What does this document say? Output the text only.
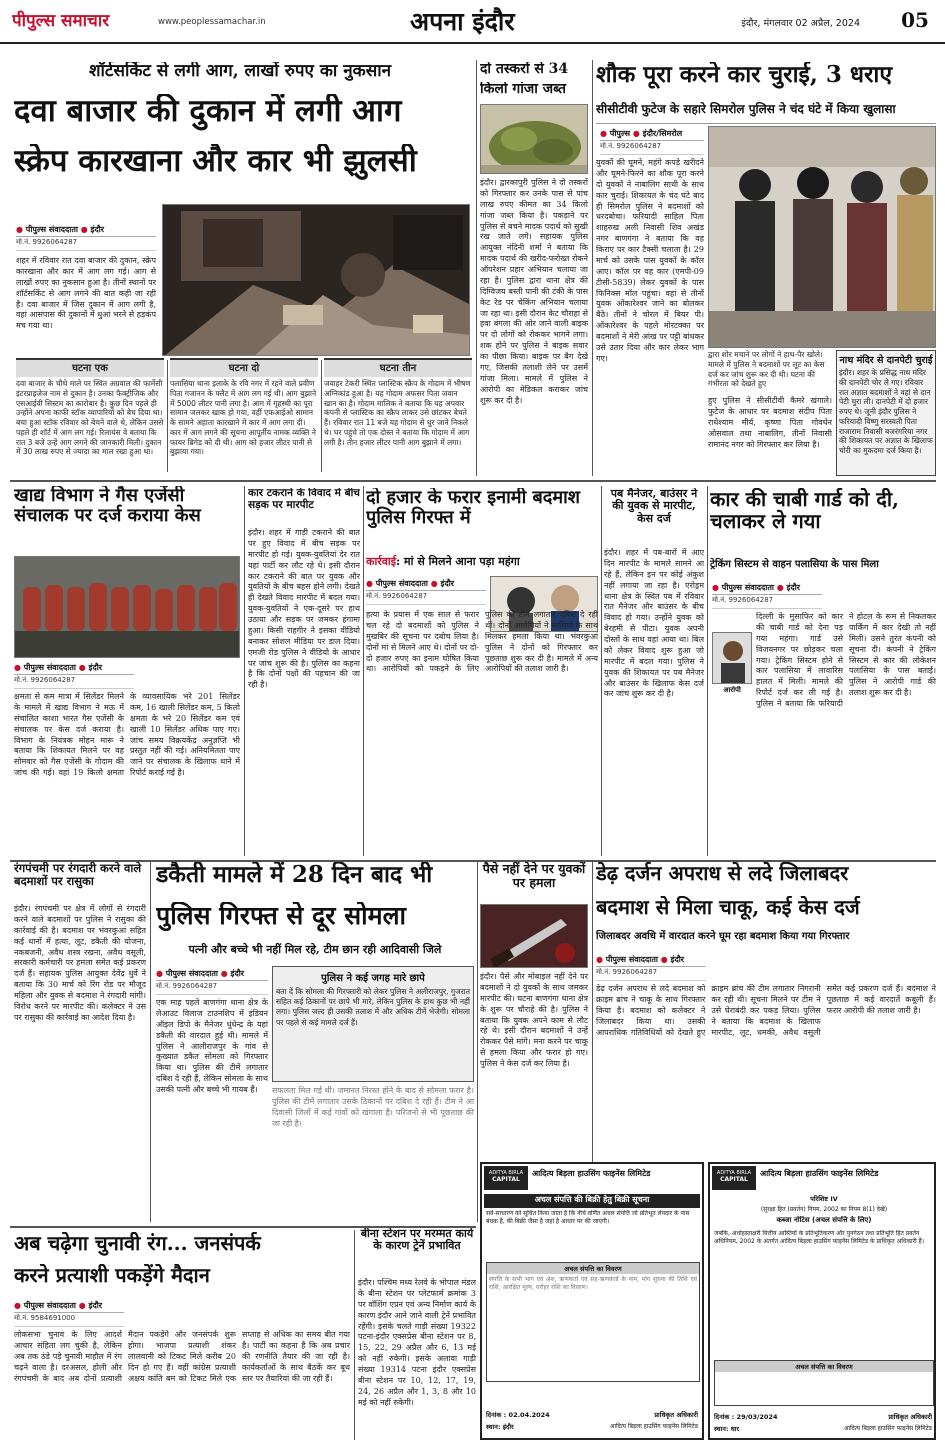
पीपुल्स समाचार	www.peoplessamachar.in	अपना इंदौर	इंदौर, मंगलवार 02 अप्रैल, 2024	05
शॉर्टसर्किट से लगी आग, लाखों रुपए का नुकसान
दवा बाजार की दुकान में लगी आग
स्क्रेप कारखाना और कार भी झुलसी
● पीपुल्स संवाददाता ● इंदौर
मो.नं. 9926064287
शहर में रविवार रात दवा बाजार की दुकान, स्क्रेप कारखाना और कार में आग लग गई। आग से लाखों रुपए का नुकसान हुआ है। तीनों स्थानों पर शॉर्टसर्किट से आग लगने की बात कही जा रही है। दवा बाजार में जिस दुकान में आग लगी है, वहां आसपास की दुकानों में धुआं भरने से हड़कंप मच गया था।
घटना एक
दवा बाजार के चौथे माले पर स्थित अग्रवाल की फार्मेसी इंटरप्राइजेज नाम से दुकान है। उनका फैक्ट्रीजिक और एसआईवी सिस्टम का कारोबार है। कुछ दिन पहले ही उन्होंने अपना काफी स्टॉक व्यापारियों को बेच दिया था। बचा हुआ स्टॉक रविवार को बेचने वाले थे, लेकिन उससे पहले ही शॉर्ट में आग लग गई। रिलायंस वे बताया कि रात 3 बजे उन्हें आग लगने की जानकारी मिली। दुकान में 30 लाख रुपए से ज्यादा का माल रखा हुआ था।
घटना दो
पलासिया थाना इलाके के रवि नगर में रहने वाले प्रवीण पिता गजानन के फ्लैट में आग लग गई थी। आग बुझाने में 5000 लीटर पानी लगा है। आग में गृहस्थी का पूरा सामान जलकर खाक हो गया, वहीं एफआईओ सामान के सामने अहाता कारखाने में कार में आग लगा दी। कार में आग लगने की सूचना आपूर्तीय नामक व्यक्ति ने फायर ब्रिगेड को दी थी। आग को हजार लीटर पानी से बुझाया गया।
घटना तीन
जवाहर टेकरी स्थित प्लास्टिक स्क्रैप के गोदाम में भीषण अग्निकांड हुआ है। यह गोदाम अफसर पिता जवान खान का है। गोदाम मालिक ने बताया कि यह अपवार कंपनी से प्लास्टिक का स्क्रैप लाकर उसे छांटकर बेचते हैं। रविवार रात 11 बजे यह गोदाम से धुर जाने निकले थे। घर पहुंचे तो एक दोस्त ने बताया कि गोदाम में आग लगी है। तीन हजार लीटर पानी आग बुझाने में लगा।
दो तस्करों से 34
किलो गांजा जब्त
इंदौर। द्वारकापुरी पुलिस ने दो तस्करों को गिरफ्तार कर उनके पास से पांच लाख रुपए कीमत का 34 किलो गांजा जब्त किया है। पकड़ाने पर पुलिस से बचने मादक पदार्थ को सुखी रख जाते लगे। सहायक पुलिस आयुक्त नंदिनी शर्मा ने बताया कि मादक पदार्थ की खरीद-फरोख्त रोकने ऑपरेशन प्रहार अभियान चलाया जा रहा है। पुलिस द्वारा थाना क्षेत्र की दिग्विजय बस्ती पानी की टंकी के पास केट रेड पर चेकिंग अभियान चलाया जा रहा था। इसी दौरान केट चौराहा से हवा बंगला की ओर जाने वाली बाइक पर दो लोगों को रोककर भागने लगा। शक होने पर पुलिस ने बाइक सवार का पीछा किया। बाइक पर बैग देखे गए, जिसकी तलाशी लेने पर उसमें गांजा मिला। मामले में पुलिस ने आरोपी का मेडिकल कराकर जांच शुरू कर दी है।
शौक पूरा करने कार चुराई, 3 धराए
सीसीटीवी फुटेज के सहारे सिमरोल पुलिस ने चंद घंटे में किया खुलासा
● पीपुल्स ● इंदौर/सिमरोल
मो.नं. 9926064287
युवकों की घूमने, महंगे कपड़े खरीदने और घूमने-फिरने का शौक पूरा करने दो युवकों ने नाबालिग साथी के साथ कार चुराई। शिकायत के चंद घंटे बाद ही सिमरोल पुलिस ने बदमाशों को धरदबोचा। फरियादी साहिल पिता शाहरुख अली निवासी शिव अखंड नगर बाणगंगा ने बताया कि वह किराए पर कार टैक्सी चलाता है। 29 मार्च को उसके पास युवकों के कॉल आए। कॉल पर वह कार (एमपी-09 टीसी-5839) लेकर युवकों के पास फिनिक्स मॉल पहुंचा। वहां से तीनों युवक ओंकारेश्वर जाने का बोलकर बैठे। तीनों ने चोरल में बियर पी। ओंकारेश्वर के पहले मोरटक्का पर बदमाशों ने मेरी आंख पर पट्टी बांधकर उसे उतार दिया और कार लेकर भाग गए।	द्वारा शोर मचाने पर लोगों ने हाथ-पैर खोले। मामले में पुलिस ने बदमाशों पर लूट का केस दर्ज कर जांच शुरू कर दी थी। घटना की गंभीरता को देखते हुए
हुए पुलिस ने सीसीटीवी कैमरे खंगाले। फुटेज के आधार पर बदमाश संदीप पिता राधेश्याम मीर्य, कृष्णा पिता गोवर्धन ओसवाल तथा नाबालिग, तीनों निवासी रामानंद नगर को गिरफ्तार कर लिया है।
नाथ मंदिर से दानपेटी चुराई
इंदौर। शहर के प्रसिद्ध नाथ मंदिर की दानपेटी चोर ले गए। रविवार रात अज्ञात बदमाशों ने वहां से दान पेटी चुरा ली। दानपेटी में दो हजार रुपए थे। जूनी इंदौर पुलिस ने फरियादी विष्णु सरस्वती पिता राजाराम निवासी बजरंगरिया नगर की शिकायत पर अज्ञात के खिलाफ चोरी का मुकदमा दर्ज किया है।
खाद्य विभाग ने गैस एजेंसी संचालक पर दर्ज कराया केस
● पीपुल्स संवाददाता ● इंदौर
मो.नं. 9926064287
क्षमता से कम मात्रा में सिलेंडर मिलने के मामले में खाद्य विभाग ने मऊ में संचालित काशा भारत गैस एजेंसी के संचालक पर केस दर्ज कराया है। विभाग के नियंत्रक मोहन मारू ने बताया कि शिकायत मिलने पर वह सोमवार को गैस एजेंसी के गोदाम की जांच की गई। वहां 19 किलो क्षमता के व्यावसायिक भरे 201 सिलेंडर कम, 16 खाली सिलेंडर कम, 5 किलो क्षमता के भरे 20 सिलेंडर कम एवं खाली 10 सिलेंडर अधिक पाए गए। जांच समय विक्रयकेंद्र अनुज्ञप्ति भी प्रस्तुत नहीं की गई। अनियमितता पाए जाने पर संचालक के खिलाफ थाने में रिपोर्ट कराई गई है।
कार टकराने के विवाद में बीच सड़क पर मारपीट
इंदौर। शहर में गाड़ी टकराने की बात पर हुए विवाद में बीच सड़क पर मारपीट हो गई। युवक-युवतियां देर रात यहां पार्टी कर लौट रहे थे। इसी दौरान कार टकराने की बात पर युवक और युवतियों के बीच बहस होने लगी। देखते ही देखते विवाद मारपीट में बदल गया। युवक-युवतियों ने एक-दूसरे पर हाथ उठाया और सड़क पर जमकर हंगामा हुआ। किसी राहगीर ने इसका वीडियो बनाकर सोशल मीडिया पर डाल दिया। एमजी रोड पुलिस ने वीडियो के आधार पर जांच शुरू की है। पुलिस का कहना है कि दोनों पक्षों की पहचान की जा रही है।
दो हजार के फरार इनामी बदमाश पुलिस गिरफ्त में
कार्रवाई: मां से मिलने आना पड़ा महंगा
● पीपुल्स संवाददाता ● इंदौर
मो.नं. 9926064287
हत्या के प्रयास में एक साल से फरार चल रहे दो बदमाशों को पुलिस ने मुखबिर की सूचना पर दबोच लिया है। दोनों मां से मिलने आए थे। दोनों पर दो-दो हजार रुपए का इनाम घोषित किया था। आरोपियों को पकड़ने के लिए पुलिस की टीमें लगातार दबिश दे रही थीं। दोनों आरोपियों ने साथियों के साथ मिलकर हमला किया था। भंवरकुआं पुलिस ने दोनों को गिरफ्तार कर पूछताछ शुरू कर दी है। मामले में अन्य आरोपियों की तलाश जारी है।
पब मैनेजर, बाउंसर ने की युवक से मारपीट, केस दर्ज
इंदौर। शहर में पब-बारों में आए दिन मारपीट के मामले सामने आ रहे हैं, लेकिन इन पर कोई अंकुश नहीं लगाया जा रहा है। एरोड्रम थाना क्षेत्र के स्थित पब में रविवार रात मैनेजर और बाउंसर के बीच विवाद हो गया। उन्होंने युवक को बेरहमी से पीटा। युवक अपनी दोस्तों के साथ वहां आया था। बिल को लेकर विवाद शुरू हुआ जो मारपीट में बदल गया। पुलिस ने युवक की शिकायत पर पब मैनेजर और बाउंसर के खिलाफ केस दर्ज कर जांच शुरू कर दी है।
कार की चाबी गार्ड को दी, चलाकर ले गया
ट्रेकिंग सिस्टम से वाहन पलासिया के पास मिला
● पीपुल्स संवाददाता ● इंदौर
मो.नं. 9926064287
आरोपी
दिल्ली के मुसाफिर को कार की चाबी गार्ड को देना पड़ गया महंगा। गार्ड उसे विजयनगर पर छोड़कर चला गया। ट्रेकिंग सिस्टम होने से कार पलासिया में लावारिस हालत में मिली। मामले की रिपोर्ट दर्ज कर ली गई है। पुलिस ने बताया कि फरियादी ने होटल के रूम से निकलकर पार्किंग में कार देखी तो नहीं मिली। उसने तुरंत कंपनी को सूचना दी। कंपनी ने ट्रेकिंग सिस्टम से कार की लोकेशन पलासिया के पास बताई। पुलिस ने आरोपी गार्ड की तलाश शुरू कर दी है।
रंगपंचमी पर रंगदारी करने वाले बदमाशों पर रासुका
इंदौर। रंगपंचमी पर क्षेत्र में लोगों से रंगदारी करने वाले बदमाशों पर पुलिस ने रासुका की कार्रवाई की है। बदमाश पर भंवरकुआं सहित कई थानों में हत्या, लूट, डकैती की योजना, नकबजनी, अवैध शस्त्र रखना, अवैध वसूली, सरकारी कर्मचारी पर हमला समेत कई प्रकरण दर्ज हैं। सहायक पुलिस आयुक्त देवेंद्र धुर्वे ने बताया कि 30 मार्च को रिंग रोड पर मौजूद महिला और युवक से बदमाश ने रंगदारी मांगी। विरोध करने पर मारपीट की। कलेक्टर ने उस पर रासुका की कार्रवाई का आदेश दिया है।
डकैती मामले में 28 दिन बाद भी
पुलिस गिरफ्त से दूर सोमला
पत्नी और बच्चे भी नहीं मिल रहे, टीम छान रही आदिवासी जिले
● पीपुल्स संवाददाता ● इंदौर
मो.नं. 9926064287
एक माह पहले बाणगंगा थाना क्षेत्र के लेआउट विलाज टाउनशिप में इंडियन ऑइल डिपो के मैनेजर धुंधेन्द्र के यहां डकैती की वारदात हुई थी। मामले में पुलिस ने आलीराजपुर के गांव से कुख्यात डकैत सोमला को गिरफ्तार किया था। पुलिस की टीमें लगातार दबिश दे रही हैं, लेकिन सोमला के साथ उसकी पत्नी और बच्चे भी गायब हैं।
पुलिस ने कई जगह मारे छापे
बता दें कि सोमला की गिरफ्तारी को लेकर पुलिस ने अलीराजपुर, गुजरात सहित कई ठिकानों पर छापे भी मारे, लेकिन पुलिस के हाथ कुछ भी नहीं लगा। पुलिस जल्द ही उसकी तलाश में और अधिक टीमें भेजेगी। सोमला पर पहले से कई मामले दर्ज हैं।
सफलता मिल गई थी। जमानत निरस्त होने के बाद से सोमला फरार है। पुलिस की टीमें लगातार उसके ठिकानों पर दबिश दे रही हैं। टीम ने आदिवासी जिलों में कई गांवों को खंगाला है। परिजनों से भी पूछताछ की जा रही है।
पैसे नहीं देने पर युवकों पर हमला
इंदौर। पैसे और मोबाइल नहीं देने पर बदमाशों ने दो युवकों के साथ जमकर मारपीट की। घटना बाणगंगा थाना क्षेत्र के शुरू पर चौराहे की है। पुलिस ने बताया कि युवक अपने काम से लौट रहे थे। इसी दौरान बदमाशों ने उन्हें रोककर पैसे मांगे। मना करने पर चाकू से हमला किया और फरार हो गए। पुलिस ने केस दर्ज कर लिया है।
डेढ़ दर्जन अपराध से लदे जिलाबदर
बदमाश से मिला चाकू, कई केस दर्ज
जिलाबदर अवधि में वारदात करने घूम रहा बदमाश किया गया गिरफ्तार
● पीपुल्स संवाददाता ● इंदौर
मो.नं. 9926064287
डेढ़ दर्जन अपराध से लदे बदमाश को क्राइम ब्रांच ने चाकू के साथ गिरफ्तार किया है। बदमाश को कलेक्टर ने जिलाबदर किया था। उसकी आपराधिक गतिविधियों को देखते हुए क्राइम ब्रांच की टीम लगातार निगरानी कर रही थी। सूचना मिलने पर टीम ने उसे घेराबंदी कर पकड़ लिया। पुलिस ने बताया कि बदमाश के खिलाफ मारपीट, लूट, धमकी, अवैध वसूली समेत कई प्रकरण दर्ज हैं। बदमाश ने पूछताछ में कई वारदातें कबूली हैं। फरार आरोपी की तलाश जारी है।
अब चढ़ेगा चुनावी रंग... जनसंपर्क
करने प्रत्याशी पकड़ेंगे मैदान
● पीपुल्स संवाददाता ● इंदौर
मो.नं. 9584691000
लोकसभा चुनाव के लिए आदर्श आचार संहिता लग चुकी है, लेकिन अब तक ठंडे पड़े चुनावी माहौल में रंग चढ़ने वाला है। दरअसल, होली और रंगपंचमी के बाद अब दोनों प्रत्याशी मैदान पकड़ेंगे और जनसंपर्क शुरू होगा। भाजपा प्रत्याशी शंकर लालवानी को टिकट मिले करीब 20 दिन हो गए हैं। वहीं कांग्रेस प्रत्याशी अक्षय कांति बम को टिकट मिले एक सप्ताह से अधिक का समय बीत गया है। पार्टी का कहना है कि अब प्रचार की रणनीति तैयार की जा रही है। कार्यकर्ताओं के साथ बैठकें कर बूथ स्तर पर तैयारियां की जा रही हैं।
बीना स्टेशन पर मरम्मत कार्य के कारण ट्रेनें प्रभावित
इंदौर। पश्चिम मध्य रेलवे के भोपाल मंडल के बीना स्टेशन पर प्लेटफार्म क्रमांक 3 पर वॉशिंग एप्रन एवं अन्य निर्माण कार्य के कारण इंदौर आने जाने वाली ट्रेनें प्रभावित रहेंगी। इसके चलते गाड़ी संख्या 19322 पटना-इंदौर एक्सप्रेस बीना स्टेशन पर 8, 15, 22, 29 अप्रैल और 6, 13 मई को नहीं रुकेगी। इसके अलावा गाड़ी संख्या 19314 पटना इंदौर एक्सप्रेस बीना स्टेशन पर 10, 12, 17, 19, 24, 26 अप्रैल और 1, 3, 8 और 10 मई को नहीं रुकेगी।
ADITYA BIRLA
CAPITAL
आदित्य बिड़ला हाउसिंग फाइनेंस लिमिटेड
अचल संपत्ति की बिक्री हेतु बिक्री सूचना
सर्व-साधारण को सूचित किया जाता है कि नीचे वर्णित अचल संपत्ति जो प्रतिभूत लेनदार के पास बंधक है, की बिक्री जैसा है जहां है आधार पर की जाएगी।
अचल संपत्ति का विवरण
संपत्ति के सभी भाग एवं अंश, ऋणकर्ता एवं सह-ऋणकर्ता के नाम, मांग सूचना की तिथि एवं राशि, आरक्षित मूल्य, धरोहर राशि का विवरण।
दिनांक : 02.04.2024
स्थान: इंदौर
प्राधिकृत अधिकारी
आदित्य बिड़ला हाउसिंग फाइनेंस लिमिटेड
ADITYA BIRLA
CAPITAL
आदित्य बिड़ला हाउसिंग फाइनेंस लिमिटेड
परिशिष्ट IV
(सुरक्षा हित (प्रवर्तन) नियम, 2002 का नियम 8(1) देखें)
कब्जा नोटिस (अचल संपत्ति के लिए)
जबकि, अधोहस्ताक्षरी वित्तीय आस्तियों के प्रतिभूतिकरण और पुनर्गठन तथा प्रतिभूति हित प्रवर्तन अधिनियम, 2002 के अंतर्गत आदित्य बिड़ला हाउसिंग फाइनेंस लिमिटेड के प्राधिकृत अधिकारी हैं।
अचल संपत्ति का विवरण
दिनांक : 29/03/2024
स्थान: धार
प्राधिकृत अधिकारी
आदित्य बिड़ला हाउसिंग फाइनेंस लिमिटेड
